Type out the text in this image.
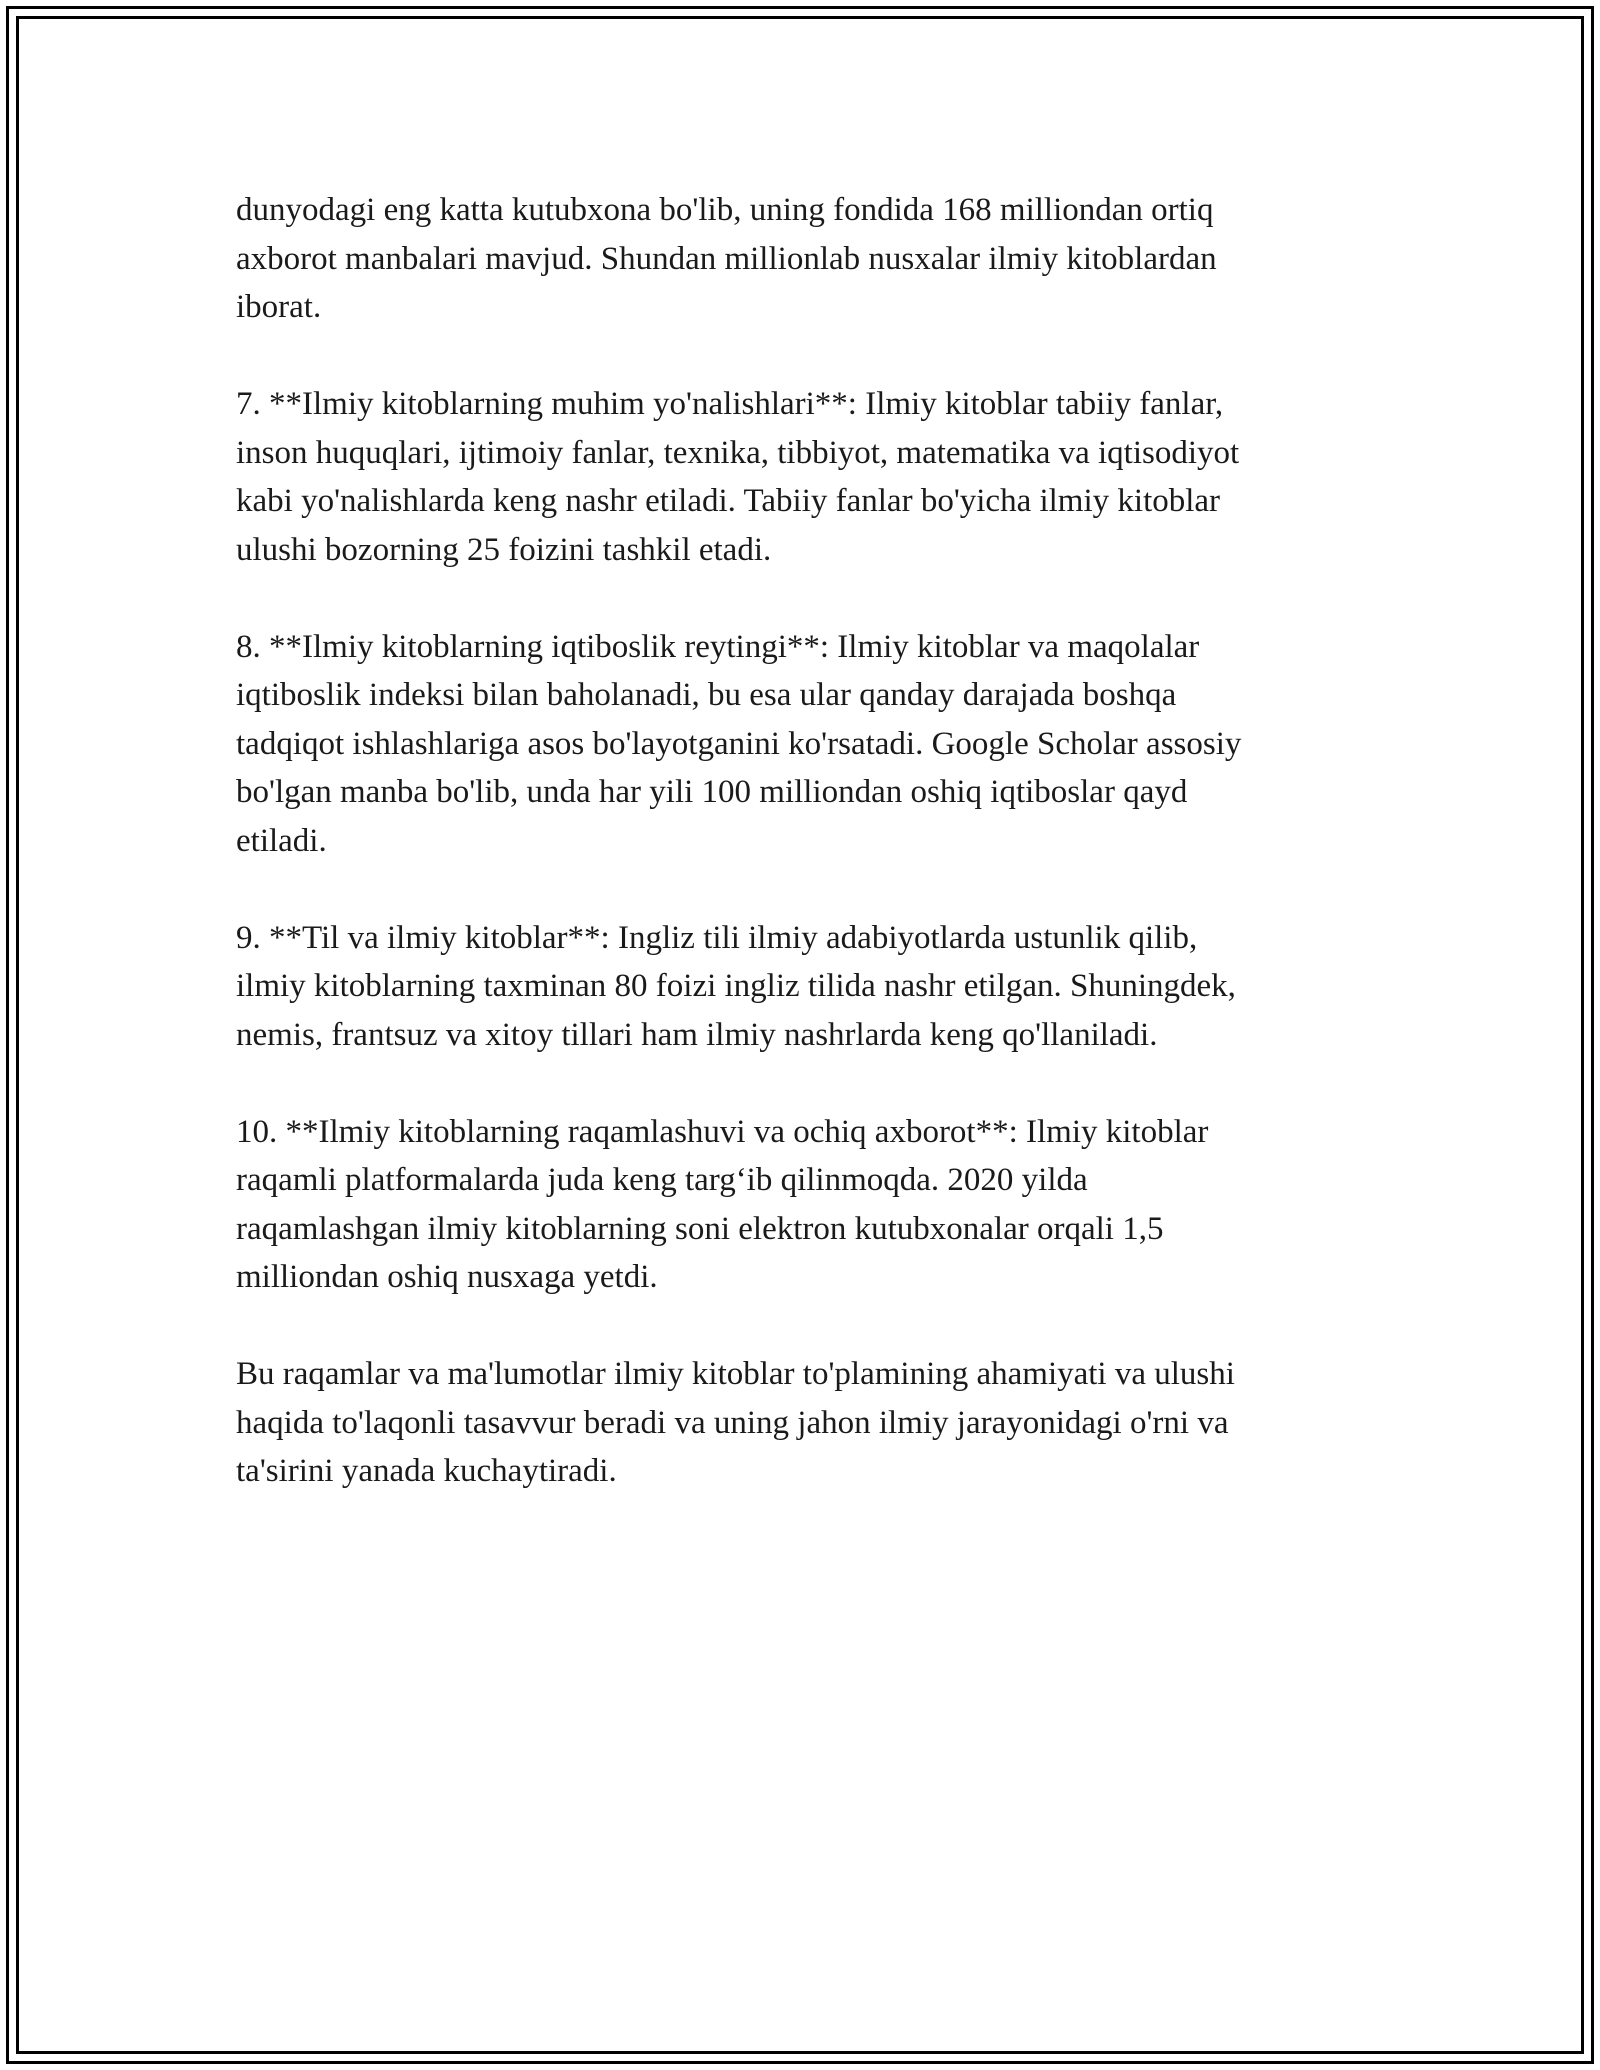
dunyodagi eng katta kutubxona bo'lib, uning fondida 168 milliondan ortiq
axborot manbalari mavjud. Shundan millionlab nusxalar ilmiy kitoblardan
iborat.

7. **Ilmiy kitoblarning muhim yo'nalishlari**: Ilmiy kitoblar tabiiy fanlar,
inson huquqlari, ijtimoiy fanlar, texnika, tibbiyot, matematika va iqtisodiyot
kabi yo'nalishlarda keng nashr etiladi. Tabiiy fanlar bo'yicha ilmiy kitoblar
ulushi bozorning 25 foizini tashkil etadi.

8. **Ilmiy kitoblarning iqtiboslik reytingi**: Ilmiy kitoblar va maqolalar
iqtiboslik indeksi bilan baholanadi, bu esa ular qanday darajada boshqa
tadqiqot ishlashlariga asos bo'layotganini ko'rsatadi. Google Scholar assosiy
bo'lgan manba bo'lib, unda har yili 100 milliondan oshiq iqtiboslar qayd
etiladi.

9. **Til va ilmiy kitoblar**: Ingliz tili ilmiy adabiyotlarda ustunlik qilib,
ilmiy kitoblarning taxminan 80 foizi ingliz tilida nashr etilgan. Shuningdek,
nemis, frantsuz va xitoy tillari ham ilmiy nashrlarda keng qo'llaniladi.

10. **Ilmiy kitoblarning raqamlashuvi va ochiq axborot**: Ilmiy kitoblar
raqamli platformalarda juda keng targ‘ib qilinmoqda. 2020 yilda
raqamlashgan ilmiy kitoblarning soni elektron kutubxonalar orqali 1,5
milliondan oshiq nusxaga yetdi.

Bu raqamlar va ma'lumotlar ilmiy kitoblar to'plamining ahamiyati va ulushi
haqida to'laqonli tasavvur beradi va uning jahon ilmiy jarayonidagi o'rni va
ta'sirini yanada kuchaytiradi.
